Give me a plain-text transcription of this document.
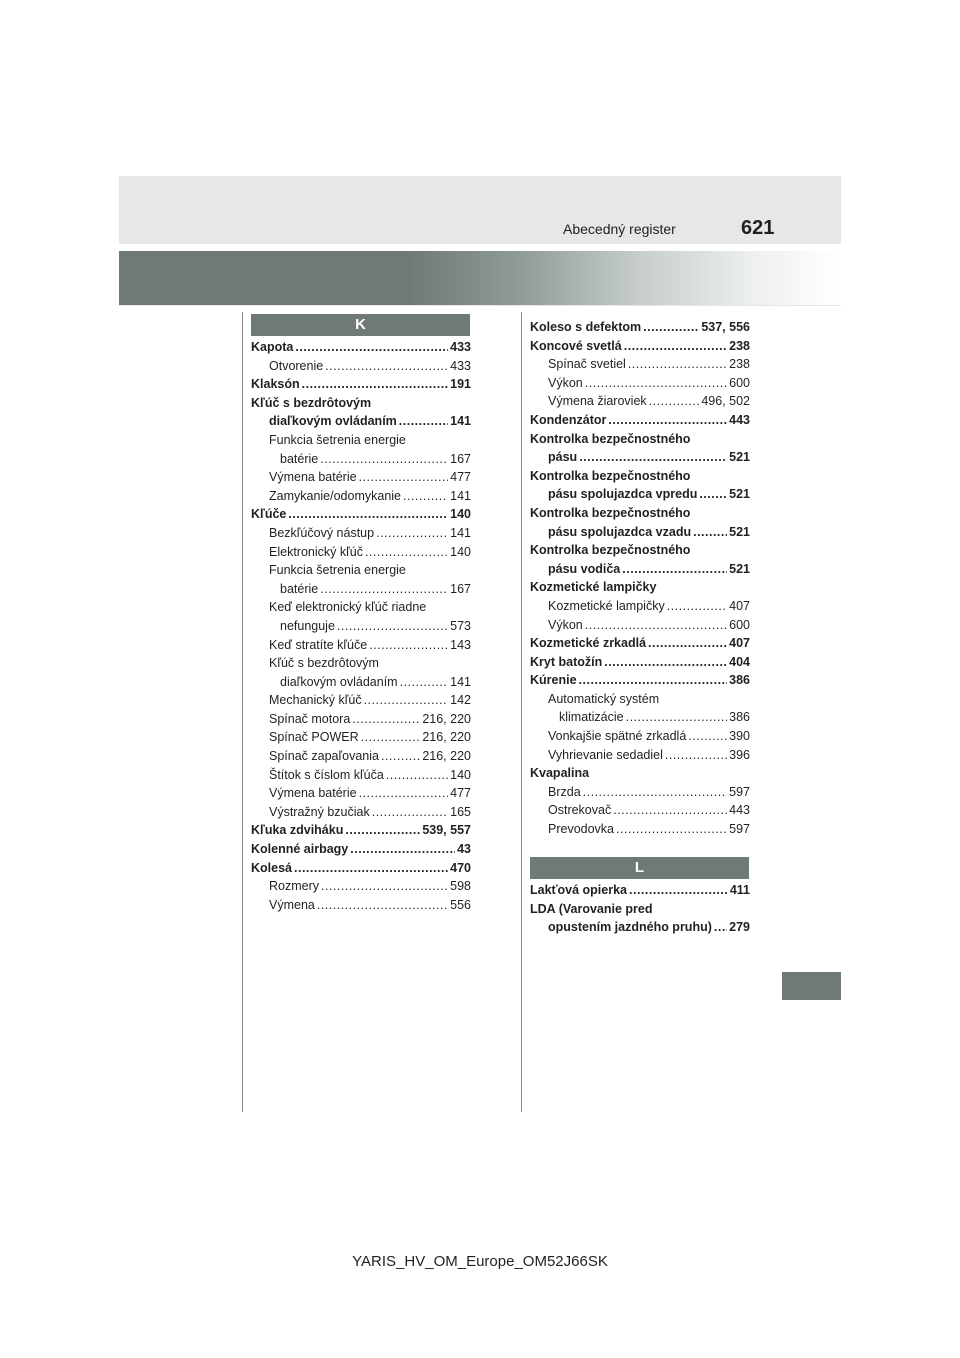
Abecedný register	621
K
L
Kapota .....	433
Otvorenie .....	433
Klaksón .....	191
Kľúč s bezdrôtovým
diaľkovým ovládaním .....	141
Funkcia šetrenia energie
batérie .....	167
Výmena batérie .....	477
Zamykanie/odomykanie .....	141
Kľúče .....	140
Bezkľúčový nástup .....	141
Elektronický kľúč .....	140
Funkcia šetrenia energie
batérie .....	167
Keď elektronický kľúč riadne
nefunguje .....	573
Keď stratíte kľúče .....	143
Kľúč s bezdrôtovým
diaľkovým ovládaním .....	141
Mechanický kľúč .....	142
Spínač motora .....	216, 220
Spínač POWER .....	216, 220
Spínač zapaľovania .....	216, 220
Štítok s číslom kľúča .....	140
Výmena batérie .....	477
Výstražný bzučiak .....	165
Kľuka zdviháku .....	539, 557
Kolenné airbagy .....	43
Kolesá .....	470
Rozmery .....	598
Výmena .....	556
Koleso s defektom .....	537, 556
Koncové svetlá .....	238
Spínač svetiel .....	238
Výkon .....	600
Výmena žiaroviek .....	496, 502
Kondenzátor .....	443
Kontrolka bezpečnostného
pásu .....	521
Kontrolka bezpečnostného
pásu spolujazdca vpredu .....	521
Kontrolka bezpečnostného
pásu spolujazdca vzadu .....	521
Kontrolka bezpečnostného
pásu vodiča .....	521
Kozmetické lampičky
Kozmetické lampičky .....	407
Výkon .....	600
Kozmetické zrkadlá .....	407
Kryt batožín .....	404
Kúrenie .....	386
Automatický systém
klimatizácie .....	386
Vonkajšie spätné zrkadlá .....	390
Vyhrievanie sedadiel .....	396
Kvapalina
Brzda .....	597
Ostrekovač .....	443
Prevodovka .....	597
Lakťová opierka .....	411
LDA (Varovanie pred
opustením jazdného pruhu) ..... 279
YARIS_HV_OM_Europe_OM52J66SK
